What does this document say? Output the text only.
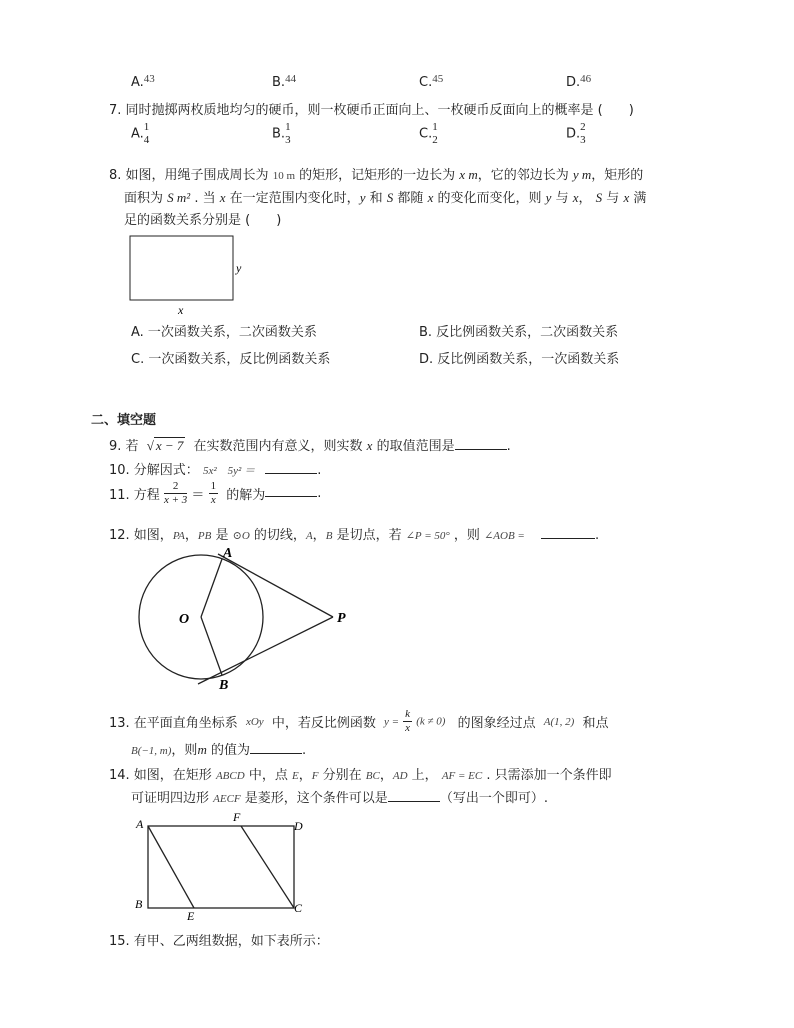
A.$^{43}$	B.$^{44}$	C.$^{45}$	D.$^{46}$
7. 同时抛掷两枚质地均匀的硬币，则一枚硬币正面向上、一枚硬币反面向上的概率是 (　　)
A. 1
4	B. 1
3	C. 1
2	D. 2
3
8. 如图，用绳子围成周长为 10 m 的矩形，记矩形的一边长为 x m，它的邻边长为 y m，矩形的
面积为 S m² . 当 x 在一定范围内变化时，y 和 S 都随 x 的变化而变化，则 y 与 x， S 与 x 满
足的函数关系分别是 (　　)
y
x
A. 一次函数关系，二次函数关系	B. 反比例函数关系，二次函数关系
C. 一次函数关系，反比例函数关系	D. 反比例函数关系，一次函数关系
二、填空题
9. 若 √ x − 7 在实数范围内有意义，则实数 x 的取值范围是	.
10. 分解因式： 5x²　5y² ＝	.
11. 方程 $\frac{2}{x + 3} = \frac{1}{x}$ 的解为	.
12. 如图，PA，PB 是 ⊙O 的切线，A，B 是切点，若 ∠P = 50° ，则 ∠AOB =	.
A
B
O	P
13. 在平面直角坐标系 xOy 中，若反比例函数 $y = \frac{k}{x} (k \ne 0)$ 的图象经过点 A(1, 2) 和点
B(−1, m)，则m 的值为	.
14. 如图，在矩形 ABCD 中，点 E，F 分别在 BC，AD 上， AF = EC . 只需添加一个条件即
可证明四边形 AECF 是菱形，这个条件可以是	（写出一个即可）.
A	F
D
B
E
C
15. 有甲、乙两组数据，如下表所示：
